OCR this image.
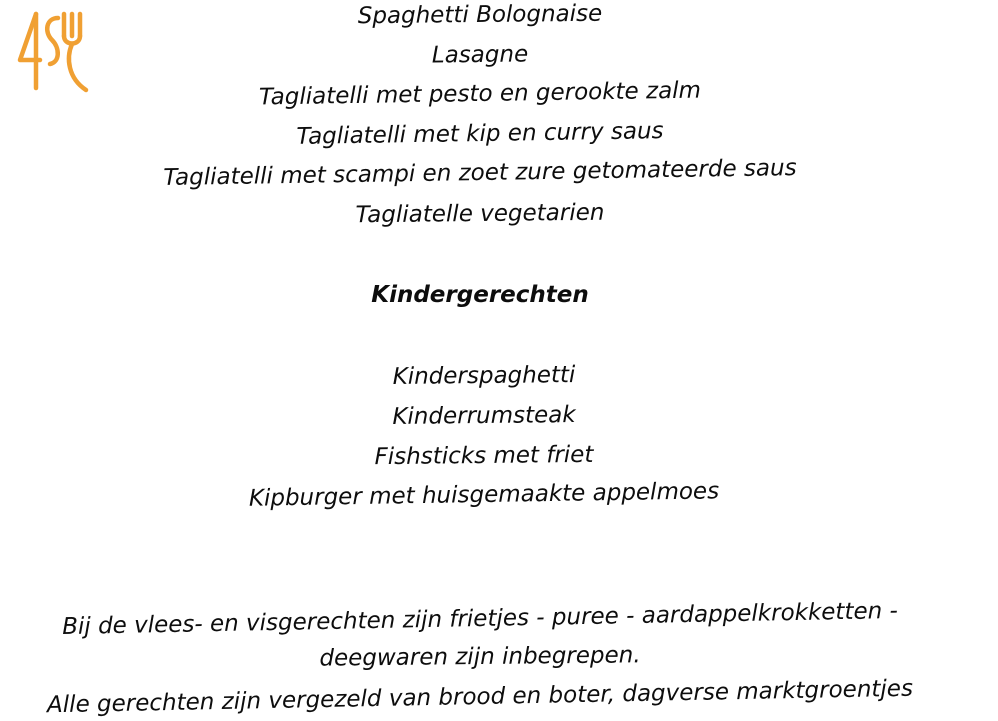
Spaghetti Bolognaise
Lasagne
Tagliatelli met pesto en gerookte zalm
Tagliatelli met kip en curry saus
Tagliatelli met scampi en zoet zure getomateerde saus
Tagliatelle vegetarien
Kindergerechten
Kinderspaghetti
Kinderrumsteak
Fishsticks met friet
Kipburger met huisgemaakte appelmoes
Bij de vlees- en visgerechten zijn frietjes - puree - aardappelkrokketten -
deegwaren zijn inbegrepen.
Alle gerechten zijn vergezeld van brood en boter, dagverse marktgroentjes
